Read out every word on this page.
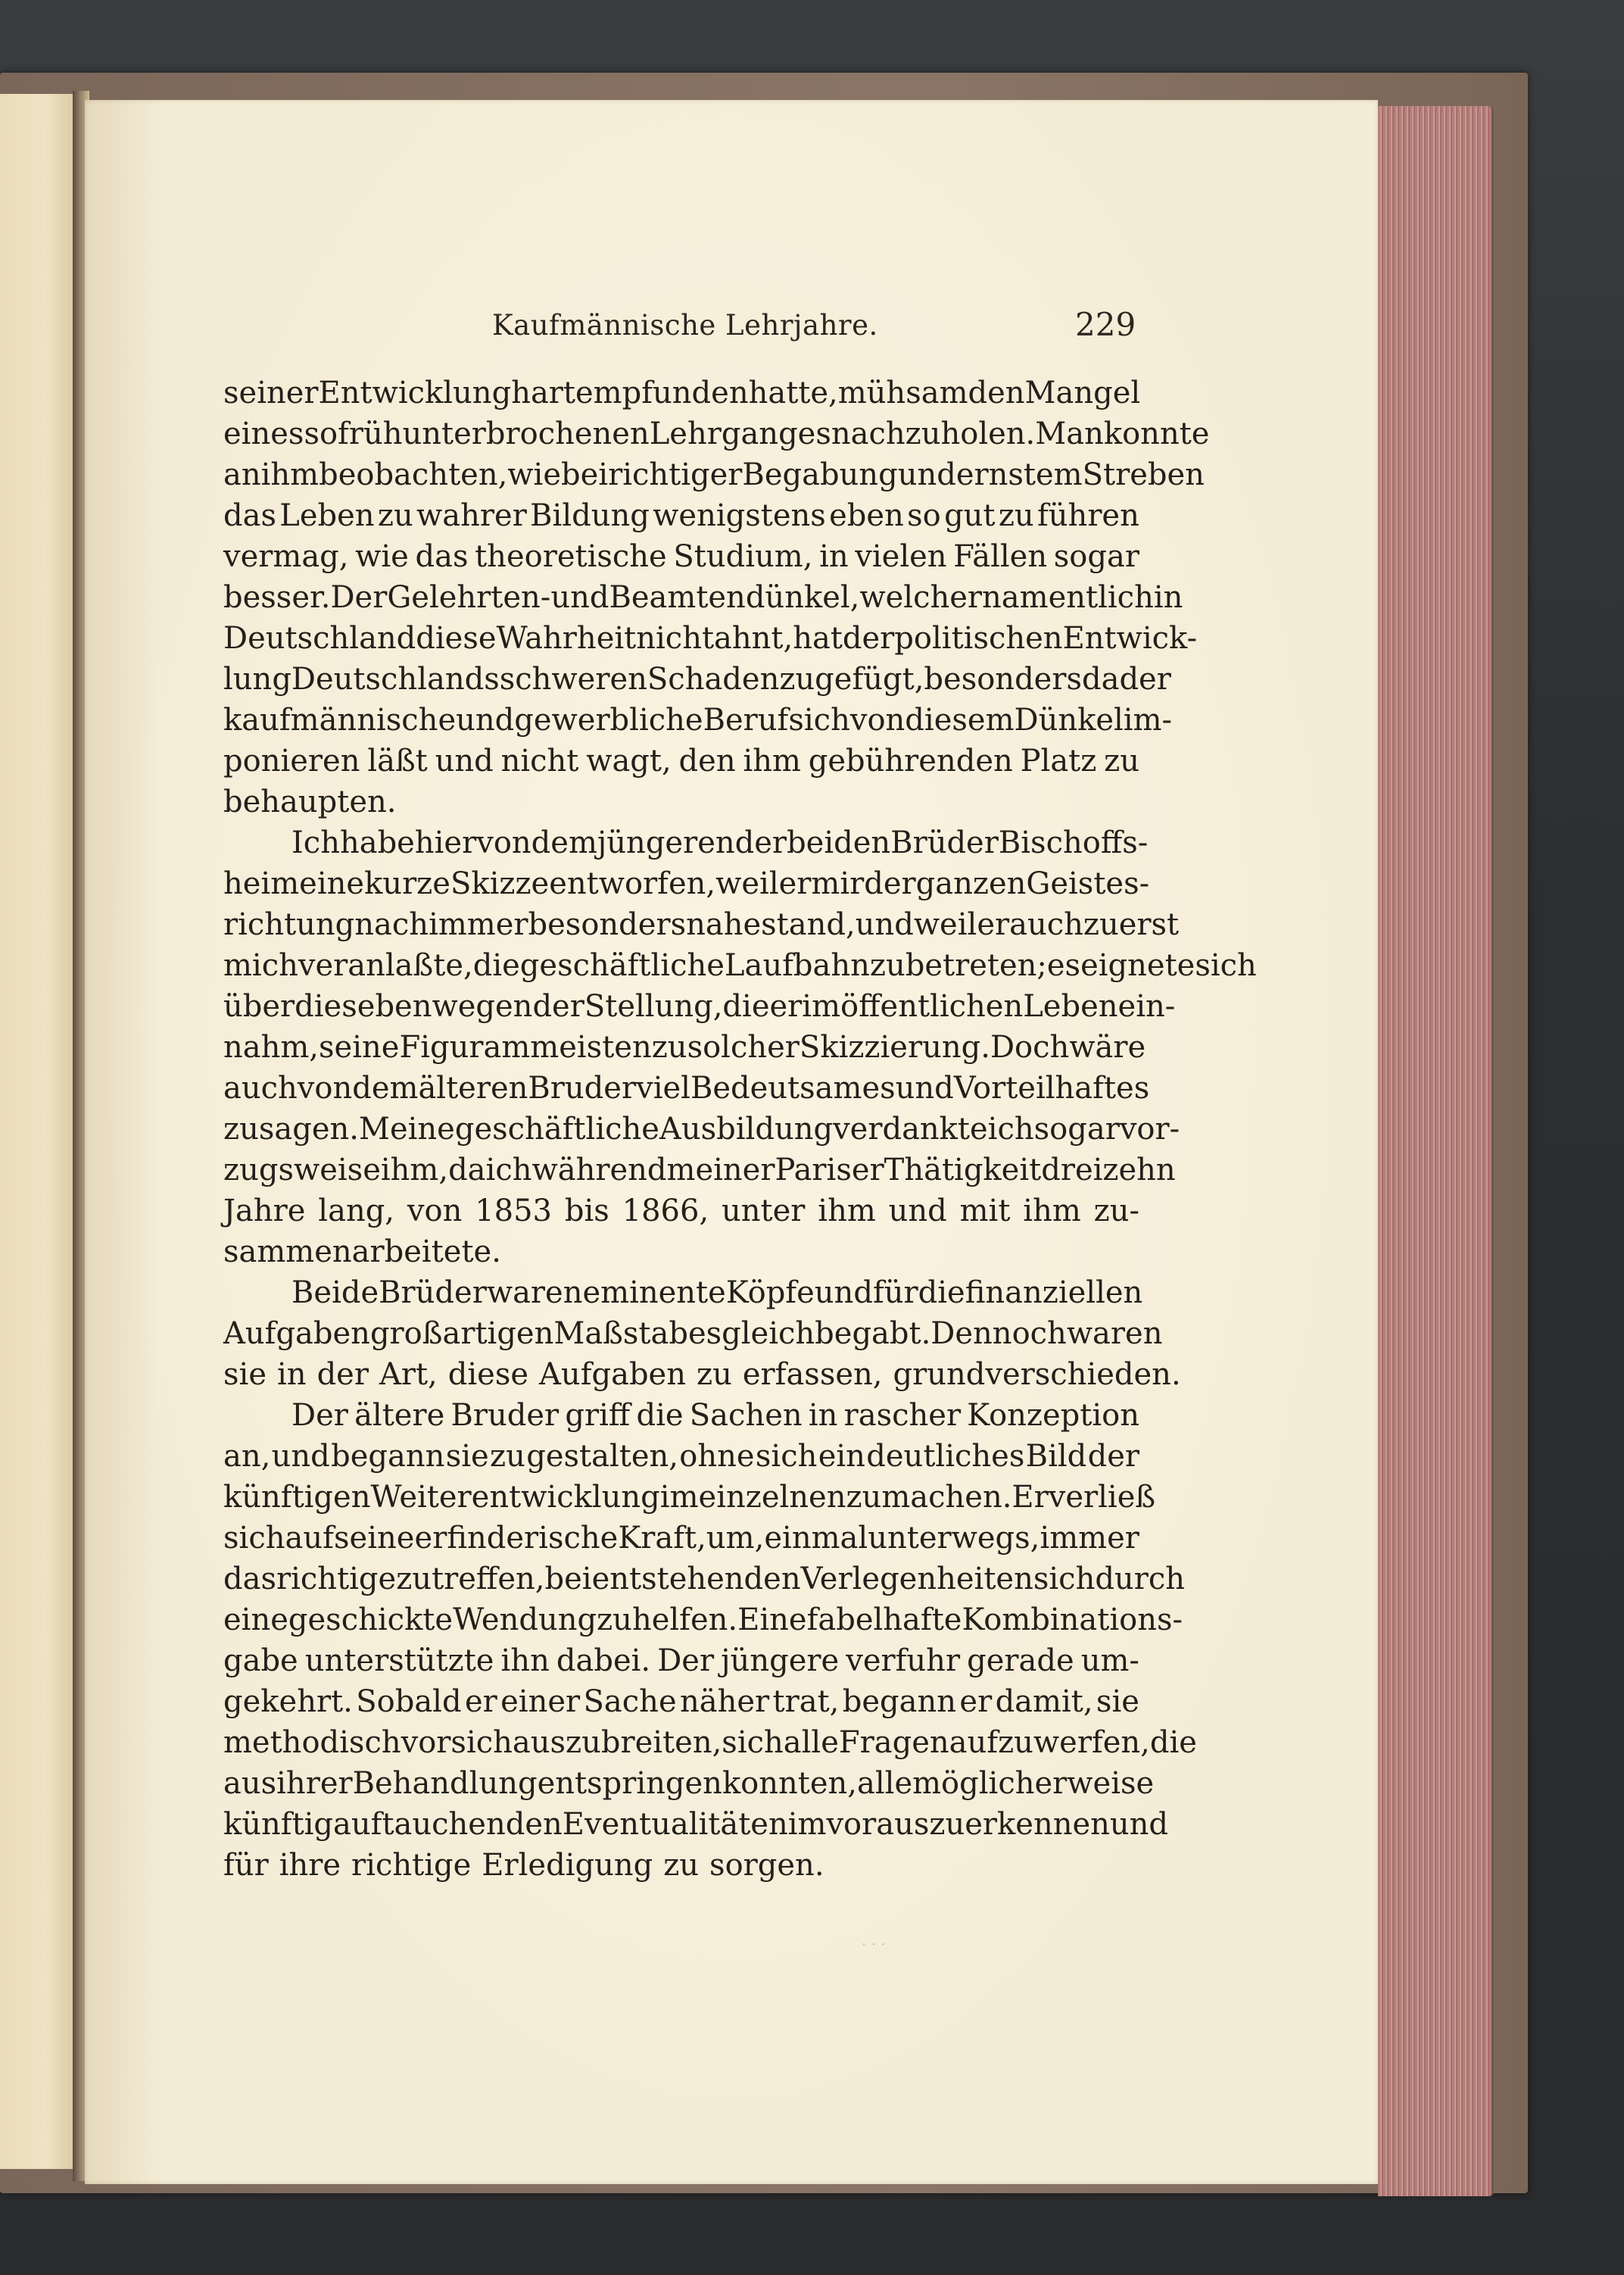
Kaufmännische Lehrjahre.	229
seiner Entwicklung hart empfunden hatte, mühsam den Mangel
eines so früh unterbrochenen Lehrganges nachzuholen. Man konnte
an ihm beobachten, wie bei richtiger Begabung und ernstem Streben
das Leben zu wahrer Bildung wenigstens eben so gut zu führen
vermag, wie das theoretische Studium, in vielen Fällen sogar
besser. Der Gelehrten- und Beamtendünkel, welcher namentlich in
Deutschland diese Wahrheit nicht ahnt, hat der politischen Entwick-
lung Deutschlands schweren Schaden zugefügt, besonders da der
kaufmännische und gewerbliche Beruf sich von diesem Dünkel im-
ponieren läßt und nicht wagt, den ihm gebührenden Platz zu
behaupten.
Ich habe hier von dem jüngeren der beiden Brüder Bischoffs-
heim eine kurze Skizze entworfen, weil er mir der ganzen Geistes-
richtung nach immer besonders nahe stand, und weil er auch zuerst
mich veranlaßte, die geschäftliche Laufbahn zu betreten; es eignete sich
überdies eben wegen der Stellung, die er im öffentlichen Leben ein-
nahm, seine Figur am meisten zu solcher Skizzierung. Doch wäre
auch von dem älteren Bruder viel Bedeutsames und Vorteilhaftes
zu sagen. Meine geschäftliche Ausbildung verdankte ich sogar vor-
zugsweise ihm, da ich während meiner Pariser Thätigkeit dreizehn
Jahre lang, von 1853 bis 1866, unter ihm und mit ihm zu-
sammenarbeitete.
Beide Brüder waren eminente Köpfe und für die finanziellen
Aufgaben großartigen Maßstabes gleich begabt. Dennoch waren
sie in der Art, diese Aufgaben zu erfassen, grundverschieden.
Der ältere Bruder griff die Sachen in rascher Konzeption
an, und begann sie zu gestalten, ohne sich ein deutliches Bild der
künftigen Weiterentwicklung im einzelnen zu machen. Er verließ
sich auf seine erfinderische Kraft, um, einmal unterwegs, immer
das richtige zu treffen, bei entstehenden Verlegenheiten sich durch
eine geschickte Wendung zu helfen. Eine fabelhafte Kombinations-
gabe unterstützte ihn dabei. Der jüngere verfuhr gerade um-
gekehrt. Sobald er einer Sache näher trat, begann er damit, sie
methodisch vor sich auszubreiten, sich alle Fragen aufzuwerfen, die
aus ihrer Behandlung entspringen konnten, alle möglicherweise
künftig auftauchenden Eventualitäten im voraus zu erkennen und
für ihre richtige Erledigung zu sorgen.
· · ·
